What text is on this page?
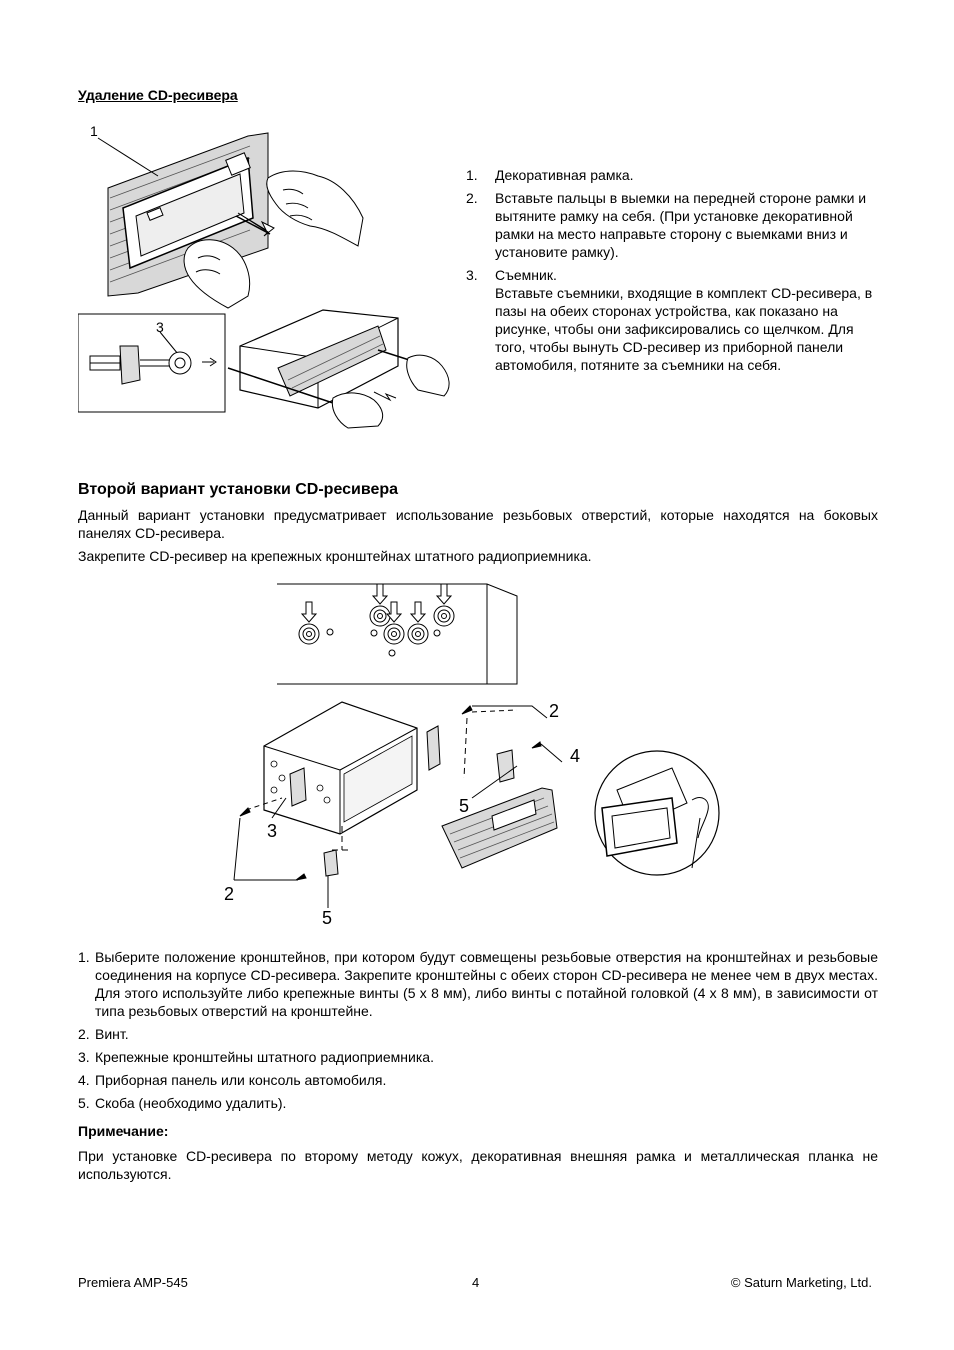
Удаление CD-ресивера
1
3
1.	Декоративная рамка.
2.	Вставьте пальцы в выемки на передней стороне рамки и вытяните рамку на себя. (При установке декоративной рамки на место направьте сторону с выемками вниз и установите рамку).
3.	Съемник.
Вставьте съемники, входящие в комплект CD-ресивера, в пазы на обеих сторонах устройства, как показано на рисунке, чтобы они зафиксировались со щелчком. Для того, чтобы вынуть CD-ресивер из приборной панели автомобиля, потяните за съемники на себя.
Второй вариант установки CD-ресивера
Данный вариант установки предусматривает использование резьбовых отверстий, которые находятся на боковых панелях CD-ресивера.
Закрепите CD-ресивер на крепежных кронштейнах штатного радиоприемника.
2
4
5
3
2
5
1. Выберите положение кронштейнов, при котором будут совмещены резьбовые отверстия на кронштейнах и резьбовые соединения на корпусе CD-ресивера. Закрепите кронштейны с обеих сторон CD-ресивера не менее чем в двух местах. Для этого используйте либо крепежные винты (5 x 8 мм), либо винты с потайной головкой (4 x 8 мм), в зависимости от типа резьбовых отверстий на кронштейне.
2. Винт.
3. Крепежные кронштейны штатного радиоприемника.
4. Приборная панель или консоль автомобиля.
5. Скоба (необходимо удалить).
Примечание:
При установке CD-ресивера по второму методу кожух, декоративная внешняя рамка и металлическая планка не используются.
Premiera AMP-545	4	© Saturn Marketing, Ltd.
